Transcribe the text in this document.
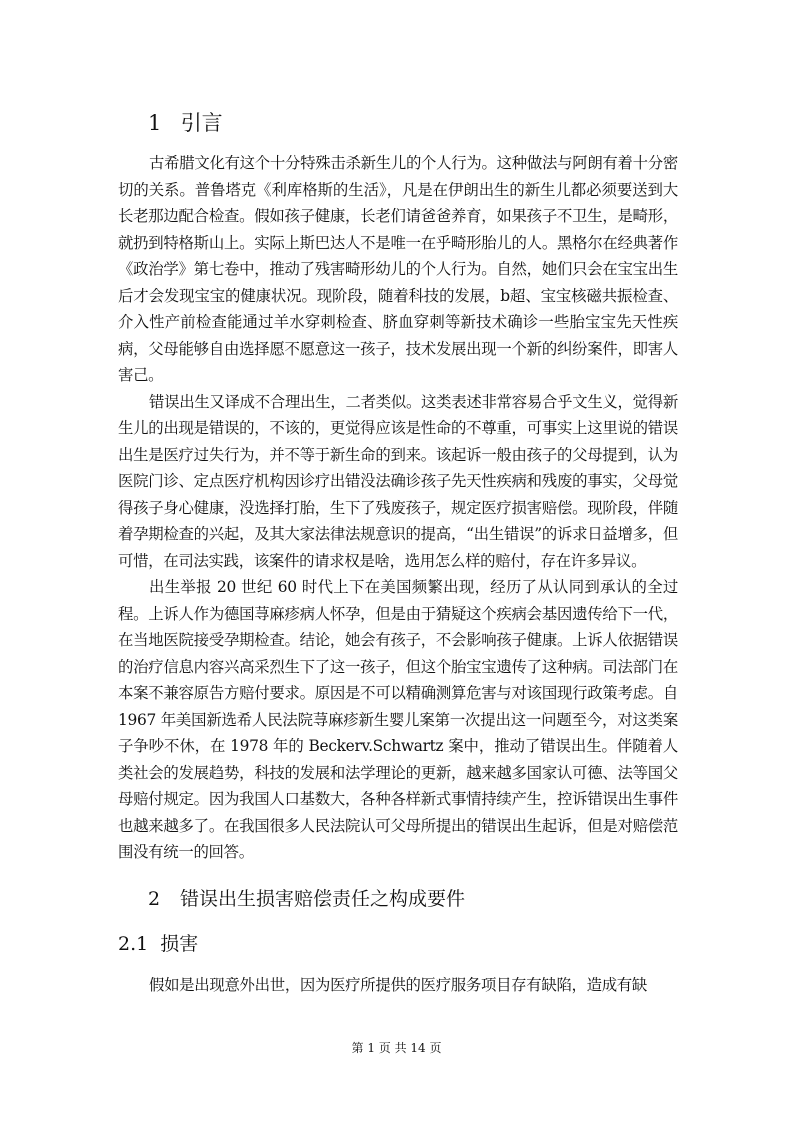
1 引言

古希腊文化有这个十分特殊击杀新生儿的个人行为。这种做法与阿朗有着十分密切的关系。普鲁塔克《利库格斯的生活》，凡是在伊朗出生的新生儿都必须要送到大长老那边配合检查。假如孩子健康，长老们请爸爸养育，如果孩子不卫生，是畸形，就扔到特格斯山上。实际上斯巴达人不是唯一在乎畸形胎儿的人。黑格尔在经典著作《政治学》第七卷中，推动了残害畸形幼儿的个人行为。自然，她们只会在宝宝出生后才会发现宝宝的健康状况。现阶段，随着科技的发展，b超、宝宝核磁共振检查、介入性产前检查能通过羊水穿刺检查、脐血穿刺等新技术确诊一些胎宝宝先天性疾病，父母能够自由选择愿不愿意这一孩子，技术发展出现一个新的纠纷案件，即害人害己。

错误出生又译成不合理出生，二者类似。这类表述非常容易合乎文生义，觉得新生儿的出现是错误的，不该的，更觉得应该是性命的不尊重，可事实上这里说的错误出生是医疗过失行为，并不等于新生命的到来。该起诉一般由孩子的父母提到，认为医院门诊、定点医疗机构因诊疗出错没法确诊孩子先天性疾病和残废的事实，父母觉得孩子身心健康，没选择打胎，生下了残废孩子，规定医疗损害赔偿。现阶段，伴随着孕期检查的兴起，及其大家法律法规意识的提高，“出生错误”的诉求日益增多，但可惜，在司法实践，该案件的请求权是啥，选用怎么样的赔付，存在许多异议。

出生举报 20 世纪 60 时代上下在美国频繁出现，经历了从认同到承认的全过程。上诉人作为德国荨麻疹病人怀孕，但是由于猜疑这个疾病会基因遗传给下一代，在当地医院接受孕期检查。结论，她会有孩子，不会影响孩子健康。上诉人依据错误的治疗信息内容兴高采烈生下了这一孩子，但这个胎宝宝遗传了这种病。司法部门在本案不兼容原告方赔付要求。原因是不可以精确测算危害与对该国现行政策考虑。自 1967 年美国新选希人民法院荨麻疹新生婴儿案第一次提出这一问题至今，对这类案子争吵不休，在 1978 年的 Beckerv.Schwartz 案中，推动了错误出生。伴随着人类社会的发展趋势，科技的发展和法学理论的更新，越来越多国家认可德、法等国父母赔付规定。因为我国人口基数大，各种各样新式事情持续产生，控诉错误出生事件也越来越多了。在我国很多人民法院认可父母所提出的错误出生起诉，但是对赔偿范围没有统一的回答。

2 错误出生损害赔偿责任之构成要件
2.1 损害

假如是出现意外出世，因为医疗所提供的医疗服务项目存有缺陷，造成有缺

第 1 页 共 14 页
